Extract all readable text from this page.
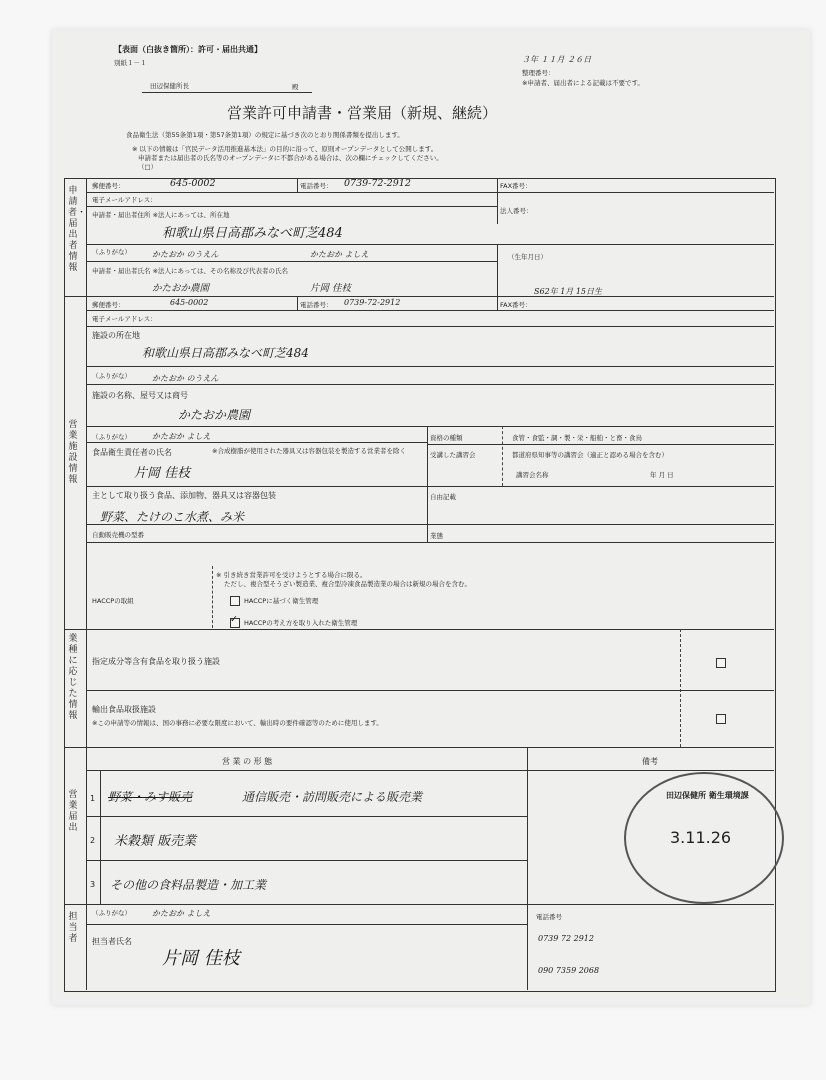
【表面（白抜き箇所）：許可・届出共通】
別紙１－１
田辺保健所長	殿
３年 １１月 ２６日
整理番号：
※申請者、届出者による記載は不要です。
営業許可申請書・営業届（新規、継続）
食品衛生法（第55条第1項・第57条第1項）の規定に基づき次のとおり関係書類を提出します。
※ 以下の情報は「官民データ活用推進基本法」の目的に沿って、原則オープンデータとして公開します。
申請者または届出者の氏名等のオープンデータに不都合がある場合は、次の欄にチェックしてください。
（□）
申請者・届出者情報
郵便番号：	645-0002	電話番号： 0739-72-2912	FAX番号：
電子メールアドレス：
法人番号：
申請者・届出者住所 ※法人にあっては、所在地
和歌山県日高郡みなべ町芝484
（ふりがな）	かたおか のうえん	かたおか よしえ	（生年月日）
申請者・届出者氏名 ※法人にあっては、その名称及び代表者の氏名
かたおか農園	片岡 佳枝	S62年 1月 15日生
営業施設情報
郵便番号：	645-0002	電話番号： 0739-72-2912	FAX番号：
電子メールアドレス：
施設の所在地
和歌山県日高郡みなべ町芝484
（ふりがな）	かたおか のうえん
施設の名称、屋号又は商号
かたおか農園
（ふりがな）	かたおか よしえ	資格の種類	食管・食監・調・製・栄・船舶・と畜・食鳥
食品衛生責任者の氏名	※合成樹脂が使用された器具又は容器包装を製造する営業者を除く
片岡 佳枝
受講した講習会	都道府県知事等の講習会（適正と認める場合を含む）
講習会名称	年 月 日
主として取り扱う食品、添加物、器具又は容器包装
野菜、たけのこ水煮、み米
自由記載
自動販売機の型番	業態
HACCPの取組
※ 引き続き営業許可を受けようとする場合に限る。
ただし、複合型そうざい製造業、複合型冷凍食品製造業の場合は新規の場合を含む。
HACCPに基づく衛生管理
✓ HACCPの考え方を取り入れた衛生管理
業種に応じた情報
指定成分等含有食品を取り扱う施設
輸出食品取扱施設
※この申請等の情報は、国の事務に必要な限度において、輸出時の要件確認等のために使用します。
営業届出
営 業 の 形 態	備考
1 野菜・みす販売	通信販売・訪問販売による販売業
2 米穀類 販売業
3 その他の食料品製造・加工業
田辺保健所 衛生環境課
3.11.26
担当者
（ふりがな）	かたおか よしえ
担当者氏名
片岡 佳枝
電話番号
0739 72 2912
090 7359 2068
